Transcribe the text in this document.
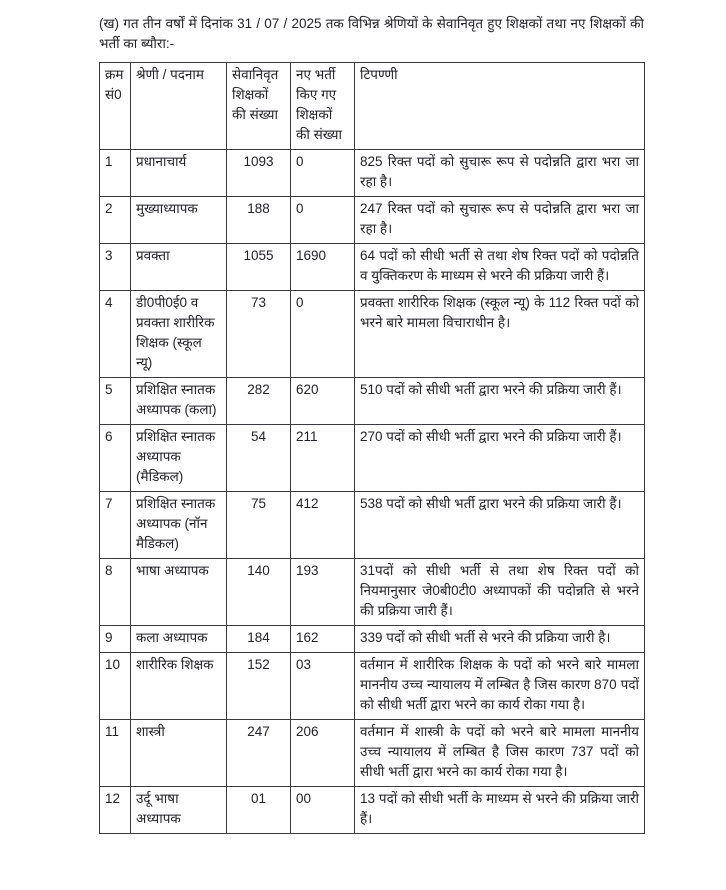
(ख) गत तीन वर्षों में दिनांक 31 / 07 / 2025 तक विभिन्न श्रेणियों के सेवानिवृत हुए शिक्षकों तथा नए शिक्षकों की भर्ती का ब्यौरा:-

क्रम सं0	श्रेणी / पदनाम	सेवानिवृत शिक्षकों की संख्या	नए भर्ती किए गए शिक्षकों की संख्या	टिपण्णी
1	प्रधानाचार्य	1093	0	825 रिक्त पदों को सुचारू रूप से पदोन्नति द्वारा भरा जा रहा है।
2	मुख्याध्यापक	188	0	247 रिक्त पदों को सुचारू रूप से पदोन्नति द्वारा भरा जा रहा है।
3	प्रवक्ता	1055	1690	64 पदों को सीधी भर्ती से तथा शेष रिक्त पदों को पदोन्नति व युक्तिकरण के माध्यम से भरने की प्रक्रिया जारी हैं।
4	डी0पी0ई0 व प्रवक्ता शारीरिक शिक्षक (स्कूल न्यू)	73	0	प्रवक्ता शारीरिक शिक्षक (स्कूल न्यू) के 112 रिक्त पदों को भरने बारे मामला विचाराधीन है।
5	प्रशिक्षित स्नातक अध्यापक (कला)	282	620	510 पदों को सीधी भर्ती द्वारा भरने की प्रक्रिया जारी हैं।
6	प्रशिक्षित स्नातक अध्यापक (मैडिकल)	54	211	270 पदों को सीधी भर्ती द्वारा भरने की प्रक्रिया जारी हैं।
7	प्रशिक्षित स्नातक अध्यापक (नॉन मैडिकल)	75	412	538 पदों को सीधी भर्ती द्वारा भरने की प्रक्रिया जारी हैं।
8	भाषा अध्यापक	140	193	31पदों को सीधी भर्ती से तथा शेष रिक्त पदों को नियमानुसार जे0बी0टी0 अध्यापकों की पदोन्नति से भरने की प्रक्रिया जारी हैं।
9	कला अध्यापक	184	162	339 पदों को सीधी भर्ती से भरने की प्रक्रिया जारी है।
10	शारीरिक शिक्षक	152	03	वर्तमान में शारीरिक शिक्षक के पदों को भरने बारे मामला माननीय उच्च न्यायालय में लम्बित है जिस कारण 870 पदों को सीधी भर्ती द्वारा भरने का कार्य रोका गया है।
11	शास्त्री	247	206	वर्तमान में शास्त्री के पदों को भरने बारे मामला माननीय उच्च न्यायालय में लम्बित है जिस कारण 737 पदों को सीधी भर्ती द्वारा भरने का कार्य रोका गया है।
12	उर्दू भाषा अध्यापक	01	00	13 पदों को सीधी भर्ती के माध्यम से भरने की प्रक्रिया जारी हैं।
